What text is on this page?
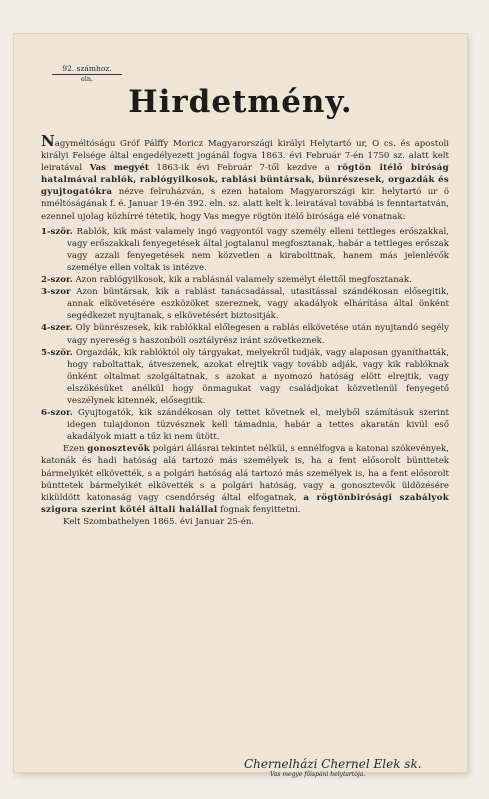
92. számhoz.
eln.
Hirdetmény.

Nagyméltóságu Gróf Pálffy Moricz Magyarországi királyi Helytartó ur, O cs. és apostoli királyi Felsége által engedélyezett jogánál fogva 1863. évi Február 7-én 1750 sz. alatt kelt leiratával Vas megyét 1863-ik évi Február 7-től kezdve a rögtön itélő biróság hatalmával rablók, rablógyilkosok, rablási büntársak, bünrészesek, orgazdák és gyujtogatókra nézve felruházván, s ezen hatalom Magyarországi kir. helytartó ur ö nméltóságának f. é. Januar 19-én 392. eln. sz. alatt kelt k. leiratával továbbá is fenntartatván, ezennel ujolag közhírré tétetik, hogy Vas megye rögtön itélő birósága elé vonatnak:

1-ször. Rablók, kik mást valamely ingó vagyontól vagy személy elleni tettleges erőszakkal, vagy erőszakkali fenyegetések által jogtalanul megfosztanak, habár a tettleges erőszak vagy azzali fenyegetések nem közvetlen a kirabolttnak, hanem más jelenlévők személye ellen voltak is intézve.
2-szor. Azon rablógyilkosok, kik a rablásnál valamely személyt élettől megfosztanak.
3-szor Azon büntársak, kik a rablást tanácsadással, utasitással szándékosan elősegitik, annak elkövetésére eszközöket szereznek, vagy akadályok elhárítása által önként segédkezet nyujtanak, s elkövetésért biztositják.
4-szer. Oly bünrészesek, kik rablókkal előlegesen a rablás elkövetése után nyujtandó segély vagy nyereség s haszonbóli osztályrész iránt szövetkeznek.
5-ször. Orgazdák, kik rablóktól oly tárgyakat, melyekről tudják, vagy alaposan gyaníthatták, hogy raboltattak, átveszenek, azokat elrejtik vagy tovább adják, vagy kik rablóknak önként oltalmat szolgáltatnak, s azokat a nyomozó hatóság elött elrejtik, vagy elszökésüket anélkül hogy önmagukat vagy családjokat közvetlenül fenyegető veszélynek kitennék, elősegitik.
6-szor. Gyujtogatók, kik szándékosan oly tettet követnek el, melyből számításuk szerint idegen tulajdonon tüzvésznek kell támadnia, habár a tettes akaratán kivül eső akadályok miatt a tűz ki nem ütött.

Ezen gonosztevők polgári állásrai tekintet nélkül, s ennélfogva a katonai szökevények, katonák és hadi hatóság alá tartozó más személyek is, ha a fent elősorolt bünttetek bármelyikét elkövették, s a polgári hatóság alá tartozó más személyek is, ha a fent elősorolt bünttetek bármelyikét elkövették s a polgári hatóság, vagy a gonosztevők üldözésére kiküldött katonaság vagy csendőrség által elfogatnak, a rögtönbirósági szabályok szigora szerint kötél általi halállal fognak fenyittetni.

Kelt Szombathelyen 1865. évi Januar 25-én.

Chernelházi Chernel Elek sk.
Vas megye főispáni helytartója.
